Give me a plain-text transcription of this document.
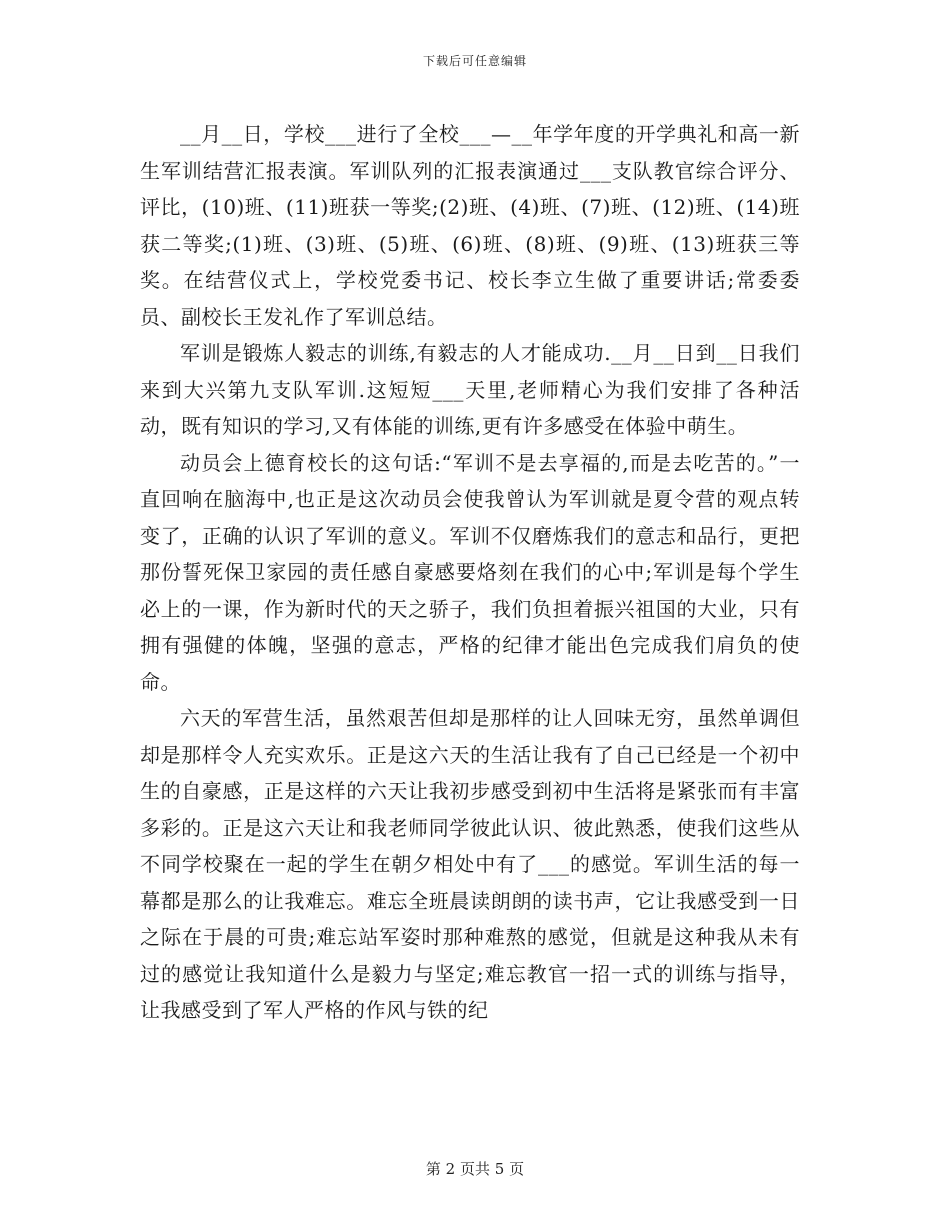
下载后可任意编辑

__月__日，学校___进行了全校___—__年学年度的开学典礼和高一新生军训结营汇报表演。军训队列的汇报表演通过___支队教官综合评分、评比，(10)班、(11)班获一等奖;(2)班、(4)班、(7)班、(12)班、(14)班获二等奖;(1)班、(3)班、(5)班、(6)班、(8)班、(9)班、(13)班获三等奖。在结营仪式上，学校党委书记、校长李立生做了重要讲话;常委委员、副校长王发礼作了军训总结。

军训是锻炼人毅志的训练,有毅志的人才能成功.__月__日到__日我们来到大兴第九支队军训.这短短___天里,老师精心为我们安排了各种活动，既有知识的学习,又有体能的训练,更有许多感受在体验中萌生。

动员会上德育校长的这句话:“军训不是去享福的,而是去吃苦的。”一直回响在脑海中,也正是这次动员会使我曾认为军训就是夏令营的观点转变了，正确的认识了军训的意义。军训不仅磨炼我们的意志和品行，更把那份誓死保卫家园的责任感自豪感要烙刻在我们的心中;军训是每个学生必上的一课，作为新时代的天之骄子，我们负担着振兴祖国的大业，只有拥有强健的体魄，坚强的意志，严格的纪律才能出色完成我们肩负的使命。

六天的军营生活，虽然艰苦但却是那样的让人回味无穷，虽然单调但却是那样令人充实欢乐。正是这六天的生活让我有了自己已经是一个初中生的自豪感，正是这样的六天让我初步感受到初中生活将是紧张而有丰富多彩的。正是这六天让和我老师同学彼此认识、彼此熟悉，使我们这些从不同学校聚在一起的学生在朝夕相处中有了___的感觉。军训生活的每一幕都是那么的让我难忘。难忘全班晨读朗朗的读书声，它让我感受到一日之际在于晨的可贵;难忘站军姿时那种难熬的感觉，但就是这种我从未有过的感觉让我知道什么是毅力与坚定;难忘教官一招一式的训练与指导，让我感受到了军人严格的作风与铁的纪

第 2 页共 5 页
